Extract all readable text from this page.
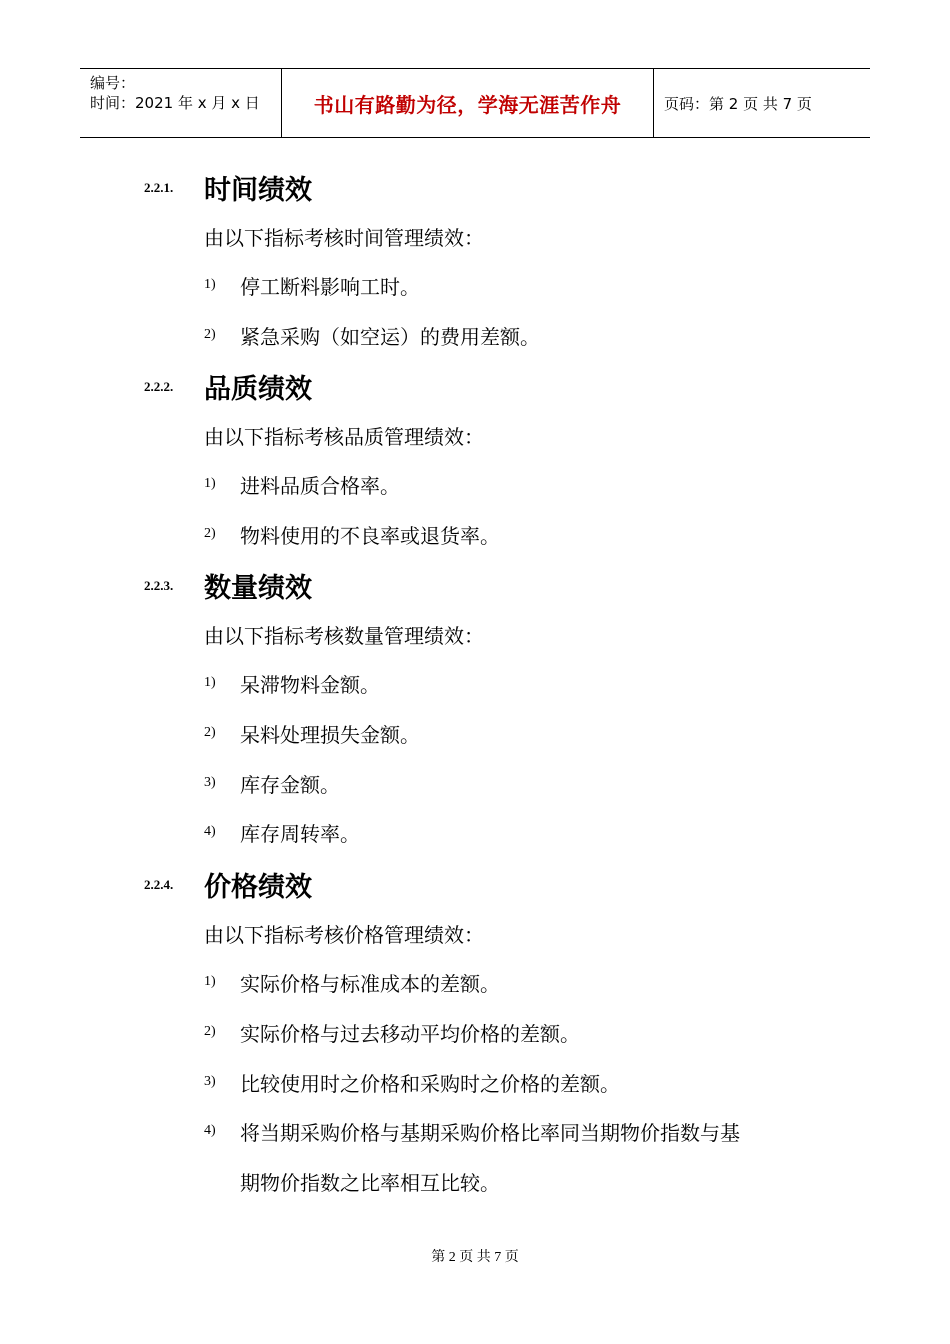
编号：
时间：2021 年 x 月 x 日	书山有路勤为径，学海无涯苦作舟	页码：第 2 页 共 7 页
2.2.1. 时间绩效
由以下指标考核时间管理绩效：
1) 停工断料影响工时。
2) 紧急采购（如空运）的费用差额。
2.2.2. 品质绩效
由以下指标考核品质管理绩效：
1) 进料品质合格率。
2) 物料使用的不良率或退货率。
2.2.3. 数量绩效
由以下指标考核数量管理绩效：
1) 呆滞物料金额。
2) 呆料处理损失金额。
3) 库存金额。
4) 库存周转率。
2.2.4. 价格绩效
由以下指标考核价格管理绩效：
1) 实际价格与标准成本的差额。
2) 实际价格与过去移动平均价格的差额。
3) 比较使用时之价格和采购时之价格的差额。
4) 将当期采购价格与基期采购价格比率同当期物价指数与基
期物价指数之比率相互比较。
第 2 页 共 7 页
